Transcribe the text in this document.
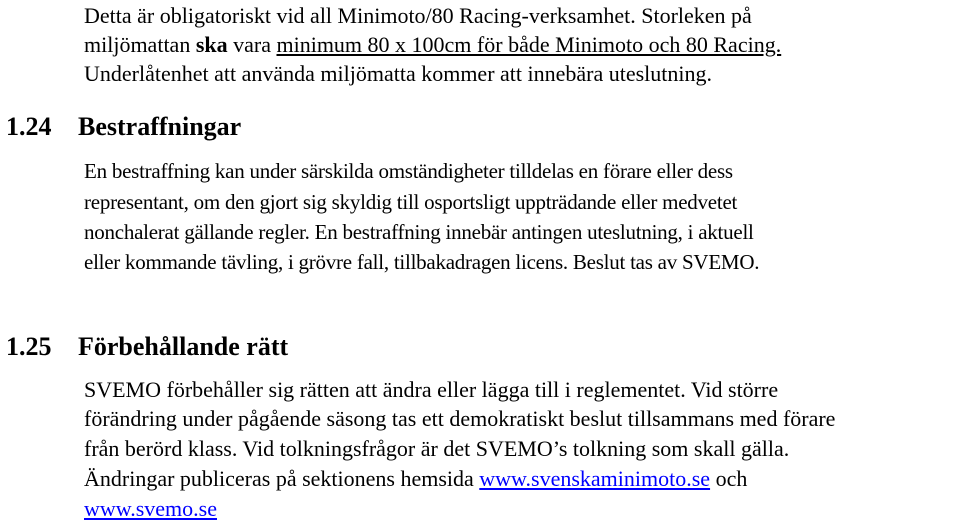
Detta är obligatoriskt vid all Minimoto/80 Racing-verksamhet. Storleken på
miljömattan ska vara minimum 80 x 100cm för både Minimoto och 80 Racing.
Underlåtenhet att använda miljömatta kommer att innebära uteslutning.
1.24 Bestraffningar
En bestraffning kan under särskilda omständigheter tilldelas en förare eller dess
representant, om den gjort sig skyldig till osportsligt uppträdande eller medvetet
nonchalerat gällande regler. En bestraffning innebär antingen uteslutning, i aktuell
eller kommande tävling, i grövre fall, tillbakadragen licens. Beslut tas av SVEMO.
1.25 Förbehållande rätt
SVEMO förbehåller sig rätten att ändra eller lägga till i reglementet. Vid större
förändring under pågående säsong tas ett demokratiskt beslut tillsammans med förare
från berörd klass. Vid tolkningsfrågor är det SVEMO’s tolkning som skall gälla.
Ändringar publiceras på sektionens hemsida www.svenskaminimoto.se och
www.svemo.se
